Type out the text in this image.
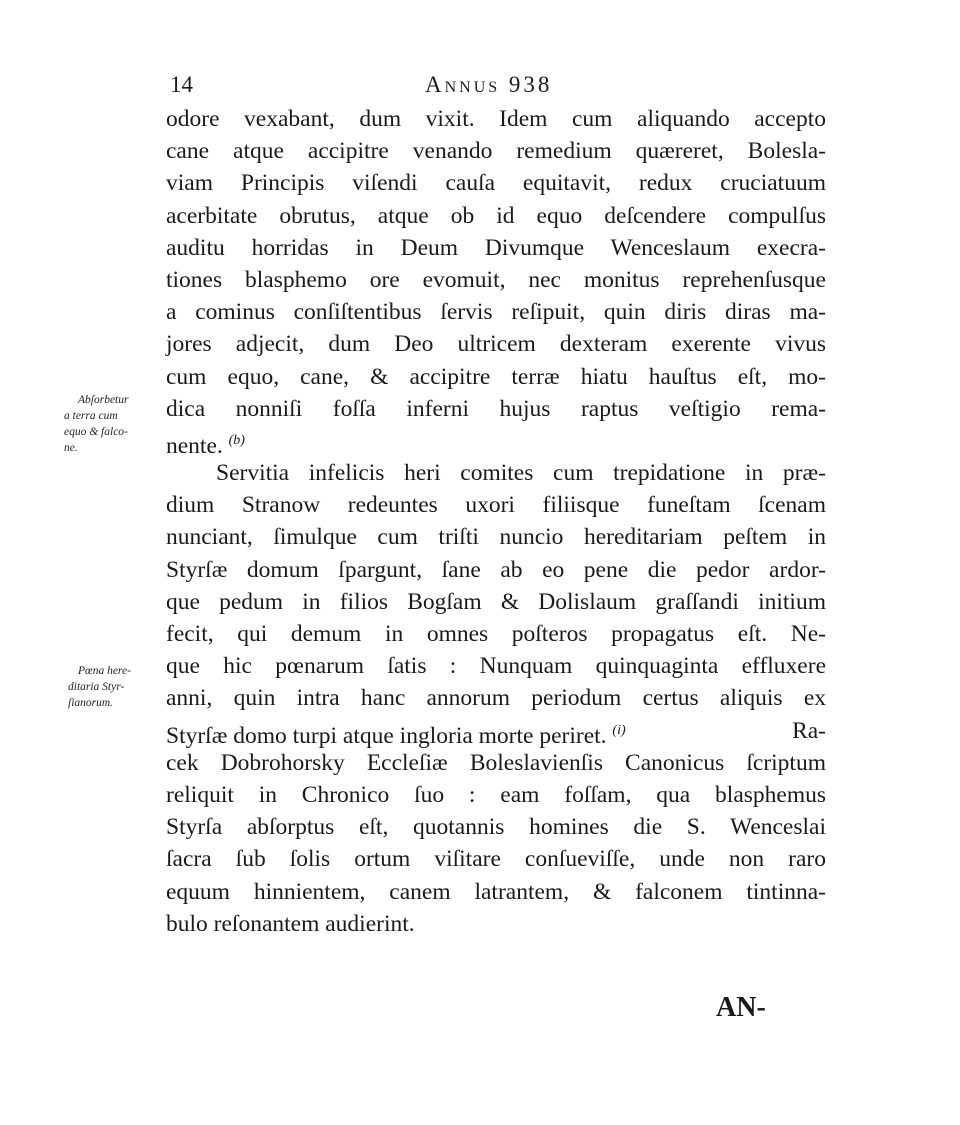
14	Annus 938
odore vexabant, dum vixit. Idem cum aliquando accepto
cane atque accipitre venando remedium quæreret, Bolesla-
viam Principis viſendi cauſa equitavit, redux cruciatuum
acerbitate obrutus, atque ob id equo deſcendere compulſus
auditu horridas in Deum Divumque Wenceslaum execra-
tiones blasphemo ore evomuit, nec monitus reprehenſusque
a cominus conſiſtentibus ſervis reſipuit, quin diris diras ma-
jores adjecit, dum Deo ultricem dexteram exerente vivus
cum equo, cane, & accipitre terræ hiatu hauſtus eſt, mo-
dica nonniſi foſſa inferni hujus raptus veſtigio rema-
nente. $^{(b)}$
Servitia infelicis heri comites cum trepidatione in præ-
dium Stranow redeuntes uxori filiisque funeſtam ſcenam
nunciant, ſimulque cum triſti nuncio hereditariam peſtem in
Styrſæ domum ſpargunt, ſane ab eo pene die pedor ardor-
que pedum in filios Bogſam & Dolislaum graſſandi initium
fecit, qui demum in omnes poſteros propagatus eſt. Ne-
que hic pœnarum ſatis : Nunquam quinquaginta effluxere
anni, quin intra hanc annorum periodum certus aliquis ex
Styrſæ domo turpi atque ingloria morte periret. $^{(i)}$	Ra-
cek Dobrohorsky Eccleſiæ Boleslavienſis Canonicus ſcriptum
reliquit in Chronico ſuo : eam foſſam, qua blasphemus
Styrſa abſorptus eſt, quotannis homines die S. Wenceslai
ſacra ſub ſolis ortum viſitare conſueviſſe, unde non raro
equum hinnientem, canem latrantem, & falconem tintinna-
bulo reſonantem audierint.
Abſorbetur
a terra cum
equo & falco-
ne.
Pœna here-
ditaria Styr-
ſianorum.
AN-
